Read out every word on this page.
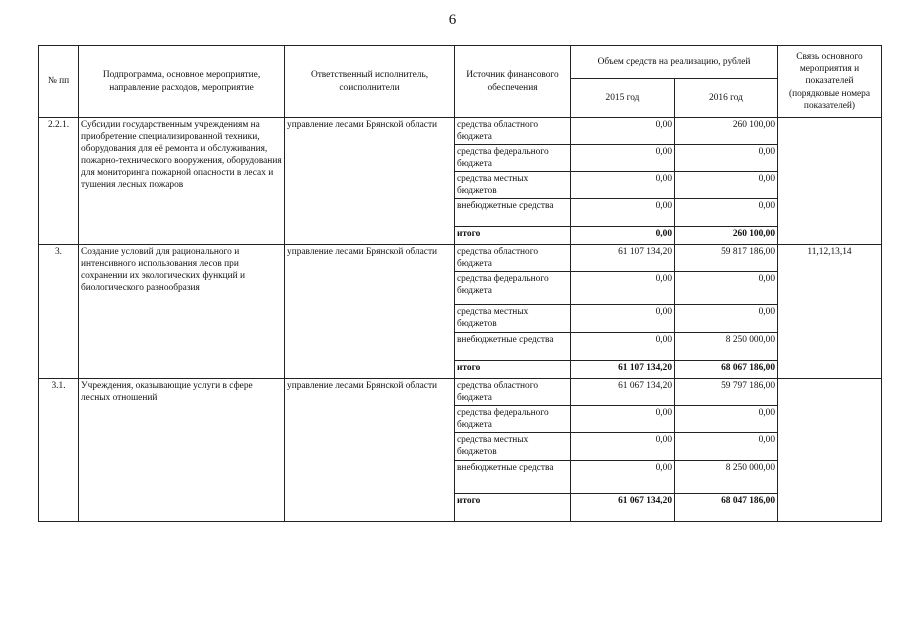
6
№ пп	Подпрограмма, основное мероприятие, направление расходов, мероприятие	Ответственный исполнитель, соисполнители	Источник финансового обеспечения	Объем средств на реализацию, рублей		Связь основного мероприятия и показателей (порядковые номера показателей)
				2015 год	2016 год	
2.2.1.	Субсидии государственным учреждениям на приобретение специализированной техники, оборудования для её ремонта и обслуживания, пожарно-технического вооружения, оборудования для мониторинга пожарной опасности в лесах и тушения лесных пожаров	управление лесами Брянской области	средства областного бюджета	0,00	260 100,00	
			средства федерального бюджета	0,00	0,00	
			средства местных бюджетов	0,00	0,00	
			внебюджетные средства	0,00	0,00	
			итого	0,00	260 100,00	
3.	Создание условий для рационального и интенсивного использования лесов при сохранении их экологических функций и биологического разнообразия	управление лесами Брянской области	средства областного бюджета	61 107 134,20	59 817 186,00	11,12,13,14
			средства федерального бюджета	0,00	0,00	
			средства местных бюджетов	0,00	0,00	
			внебюджетные средства	0,00	8 250 000,00	
			итого	61 107 134,20	68 067 186,00	
3.1.	Учреждения, оказывающие услуги в сфере лесных отношений	управление лесами Брянской области	средства областного бюджета	61 067 134,20	59 797 186,00	
			средства федерального бюджета	0,00	0,00	
			средства местных бюджетов	0,00	0,00	
			внебюджетные средства	0,00	8 250 000,00	
			итого	61 067 134,20	68 047 186,00	
